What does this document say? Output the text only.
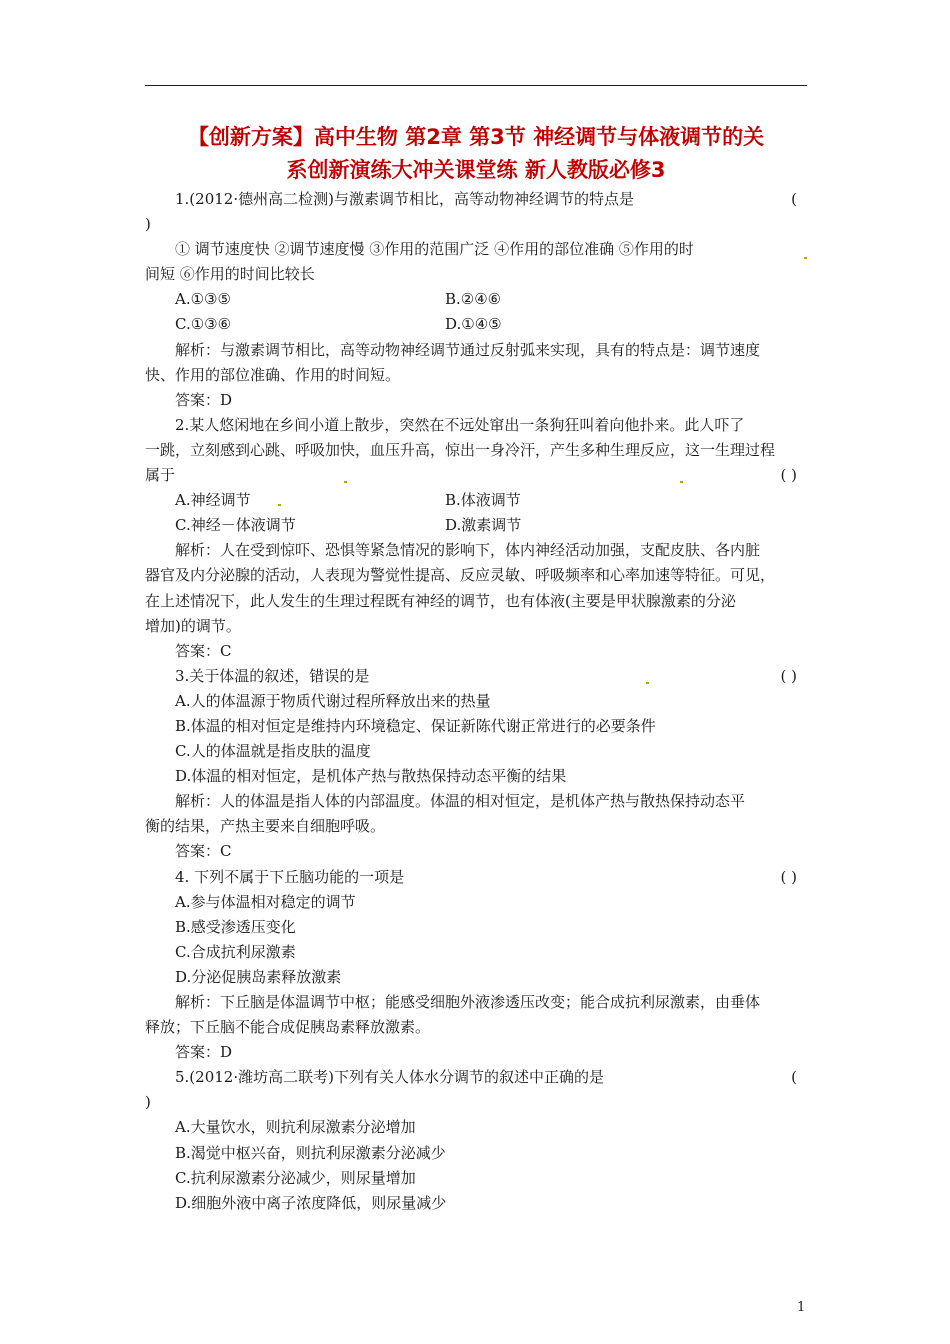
【创新方案】高中生物 第2章 第3节 神经调节与体液调节的关
系创新演练大冲关课堂练 新人教版必修3
1.(2012·德州高二检测)与激素调节相比，高等动物神经调节的特点是	(
)
① 调节速度快 ②调节速度慢 ③作用的范围广泛 ④作用的部位准确 ⑤作用的时
间短 ⑥作用的时间比较长
A.①③⑤	B.②④⑥
C.①③⑥	D.①④⑤
解析：与激素调节相比，高等动物神经调节通过反射弧来实现，具有的特点是：调节速度
快、作用的部位准确、作用的时间短。
答案：D
2.某人悠闲地在乡间小道上散步，突然在不远处窜出一条狗狂叫着向他扑来。此人吓了
一跳，立刻感到心跳、呼吸加快，血压升高，惊出一身冷汗，产生多种生理反应，这一生理过程
属于	( )
A.神经调节	B.体液调节
C.神经－体液调节	D.激素调节
解析：人在受到惊吓、恐惧等紧急情况的影响下，体内神经活动加强，支配皮肤、各内脏
器官及内分泌腺的活动，人表现为警觉性提高、反应灵敏、呼吸频率和心率加速等特征。可见，
在上述情况下，此人发生的生理过程既有神经的调节，也有体液(主要是甲状腺激素的分泌
增加)的调节。
答案：C
3.关于体温的叙述，错误的是	( )
A.人的体温源于物质代谢过程所释放出来的热量
B.体温的相对恒定是维持内环境稳定、保证新陈代谢正常进行的必要条件
C.人的体温就是指皮肤的温度
D.体温的相对恒定，是机体产热与散热保持动态平衡的结果
解析：人的体温是指人体的内部温度。体温的相对恒定，是机体产热与散热保持动态平
衡的结果，产热主要来自细胞呼吸。
答案：C
4. 下列不属于下丘脑功能的一项是	( )
A.参与体温相对稳定的调节
B.感受渗透压变化
C.合成抗利尿激素
D.分泌促胰岛素释放激素
解析：下丘脑是体温调节中枢；能感受细胞外液渗透压改变；能合成抗利尿激素，由垂体
释放；下丘脑不能合成促胰岛素释放激素。
答案：D
5.(2012·潍坊高二联考)下列有关人体水分调节的叙述中正确的是	(
)
A.大量饮水，则抗利尿激素分泌增加
B.渴觉中枢兴奋，则抗利尿激素分泌减少
C.抗利尿激素分泌减少，则尿量增加
D.细胞外液中离子浓度降低，则尿量减少
1
